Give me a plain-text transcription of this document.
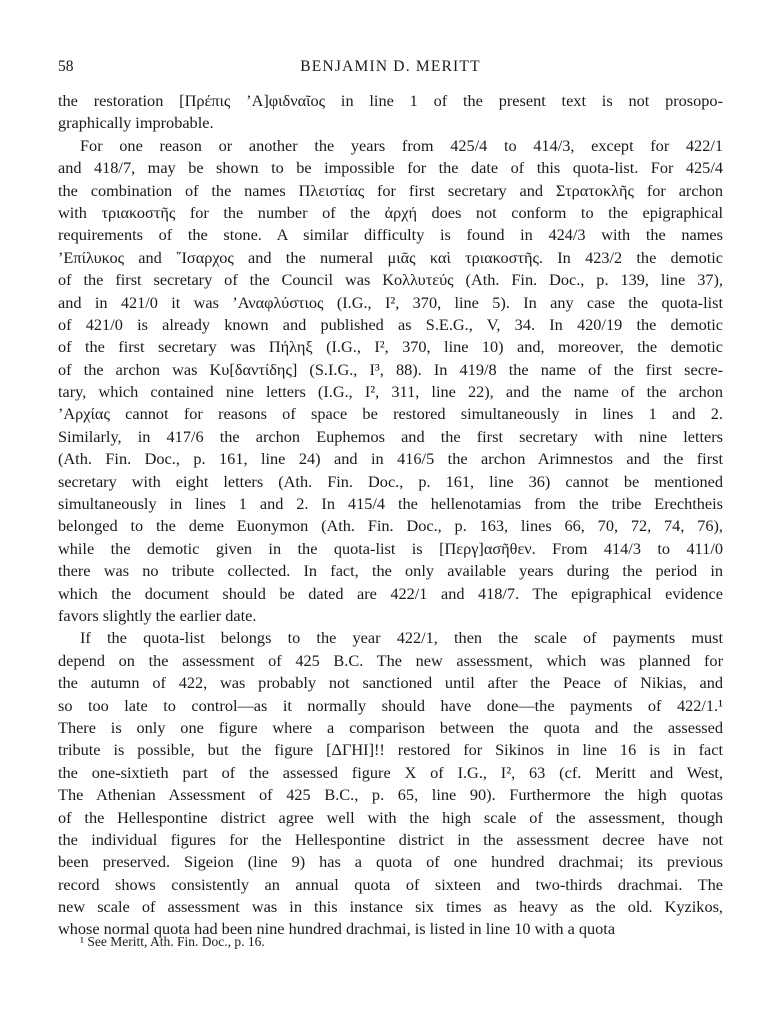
58	BENJAMIN D. MERITT
the restoration [Πρέπις ’Α]φιδναῖος in line 1 of the present text is not prosopo-
graphically improbable.
For one reason or another the years from 425/4 to 414/3, except for 422/1
and 418/7, may be shown to be impossible for the date of this quota-list. For 425/4
the combination of the names Πλειστίας for first secretary and Στρατοκλῆς for archon
with τριακοστῆς for the number of the ἀρχή does not conform to the epigraphical
requirements of the stone. A similar difficulty is found in 424/3 with the names
’Επίλυκος and ῎Ισαρχος and the numeral μιᾶς καὶ τριακοστῆς. In 423/2 the demotic
of the first secretary of the Council was Κολλυτεύς (Ath. Fin. Doc., p. 139, line 37),
and in 421/0 it was ’Αναφλύστιος (I.G., I², 370, line 5). In any case the quota-list
of 421/0 is already known and published as S.E.G., V, 34. In 420/19 the demotic
of the first secretary was Πήληξ (I.G., I², 370, line 10) and, moreover, the demotic
of the archon was Κυ[δαντίδης] (S.I.G., I³, 88). In 419/8 the name of the first secre-
tary, which contained nine letters (I.G., I², 311, line 22), and the name of the archon
’Αρχίας cannot for reasons of space be restored simultaneously in lines 1 and 2.
Similarly, in 417/6 the archon Euphemos and the first secretary with nine letters
(Ath. Fin. Doc., p. 161, line 24) and in 416/5 the archon Arimnestos and the first
secretary with eight letters (Ath. Fin. Doc., p. 161, line 36) cannot be mentioned
simultaneously in lines 1 and 2. In 415/4 the hellenotamias from the tribe Erechtheis
belonged to the deme Euonymon (Ath. Fin. Doc., p. 163, lines 66, 70, 72, 74, 76),
while the demotic given in the quota-list is [Περγ]ασῆθεν. From 414/3 to 411/0
there was no tribute collected. In fact, the only available years during the period in
which the document should be dated are 422/1 and 418/7. The epigraphical evidence
favors slightly the earlier date.
If the quota-list belongs to the year 422/1, then the scale of payments must
depend on the assessment of 425 B.C. The new assessment, which was planned for
the autumn of 422, was probably not sanctioned until after the Peace of Nikias, and
so too late to control—as it normally should have done—the payments of 422/1.¹
There is only one figure where a comparison between the quota and the assessed
tribute is possible, but the figure [ΔΓΗΙ]!! restored for Sikinos in line 16 is in fact
the one-sixtieth part of the assessed figure X of I.G., I², 63 (cf. Meritt and West,
The Athenian Assessment of 425 B.C., p. 65, line 90). Furthermore the high quotas
of the Hellespontine district agree well with the high scale of the assessment, though
the individual figures for the Hellespontine district in the assessment decree have not
been preserved. Sigeion (line 9) has a quota of one hundred drachmai; its previous
record shows consistently an annual quota of sixteen and two-thirds drachmai. The
new scale of assessment was in this instance six times as heavy as the old. Kyzikos,
whose normal quota had been nine hundred drachmai, is listed in line 10 with a quota
¹ See Meritt, Ath. Fin. Doc., p. 16.
